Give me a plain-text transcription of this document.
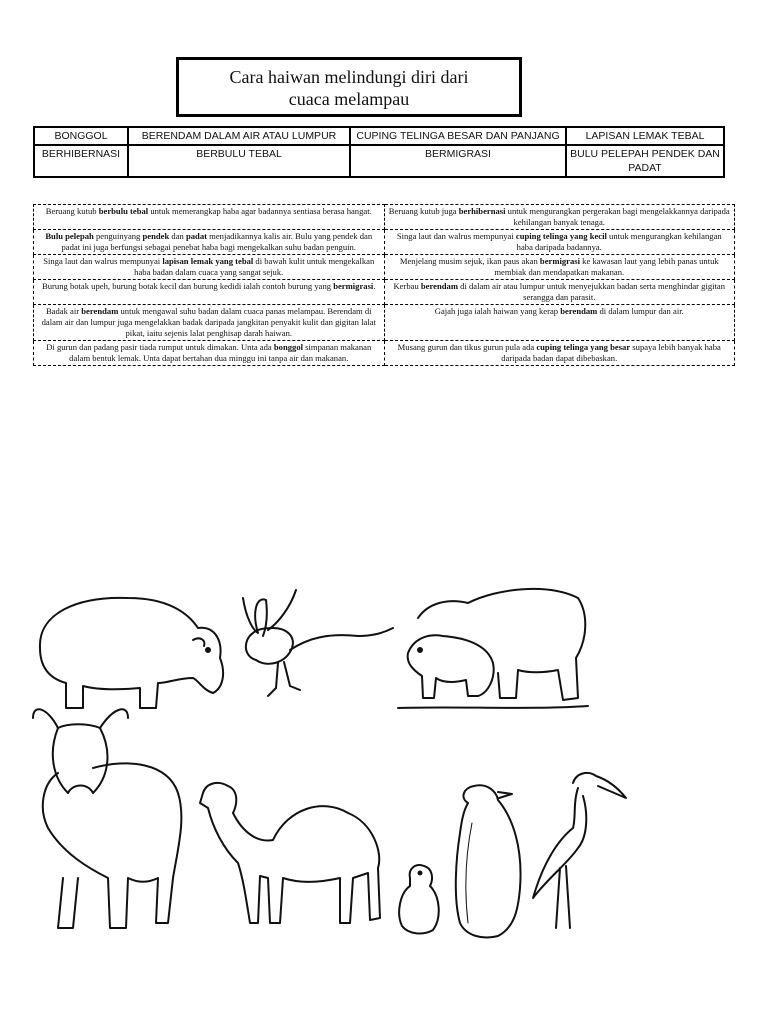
Cara haiwan melindungi diri dari
cuaca melampau
BONGGOL	BERENDAM DALAM AIR ATAU LUMPUR	CUPING TELINGA BESAR DAN PANJANG	LAPISAN LEMAK TEBAL
BERHIBERNASI	BERBULU TEBAL	BERMIGRASI	BULU PELEPAH PENDEK DAN PADAT
Beruang kutub berbulu tebal untuk memerangkap haba agar badannya sentiasa berasa hangat.	Beruang kutub juga berhibernasi untuk mengurangkan pergerakan bagi mengelakkannya daripada kehilangan banyak tenaga.
Bulu pelepah penguinyang pendek dan padat menjadikannya kalis air. Bulu yang pendek dan padat ini juga berfungsi sebagai penebat haba bagi mengekalkan suhu badan penguin.	Singa laut dan walrus mempunyai cuping telinga yang kecil untuk mengurangkan kehilangan haba daripada badannya.
Singa laut dan walrus mempunyai lapisan lemak yang tebal di bawah kulit untuk mengekalkan haba badan dalam cuaca yang sangat sejuk.	Menjelang musim sejuk, ikan paus akan bermigrasi ke kawasan laut yang lebih panas untuk membiak dan mendapatkan makanan.
Burung botak upeh, burung botak kecil dan burung kedidi ialah contoh burung yang bermigrasi.	Kerbau berendam di dalam air atau lumpur untuk menyejukkan badan serta menghindar gigitan serangga dan parasit.
Badak air berendam untuk mengawal suhu badan dalam cuaca panas melampau. Berendam di dalam air dan lumpur juga mengelakkan badak daripada jangkitan penyakit kulit dan gigitan lalat pikat, iaitu sejenis lalat penghisap darah haiwan.	Gajah juga ialah haiwan yang kerap berendam di dalam lumpur dan air.
Di gurun dan padang pasir tiada rumput untuk dimakan. Unta ada bonggol simpanan makanan dalam bentuk lemak. Unta dapat bertahan dua minggu ini tanpa air dan makanan.	Musang gurun dan tikus gurun pula ada cuping telinga yang besar supaya lebih banyak haba daripada badan dapat dibebaskan.
